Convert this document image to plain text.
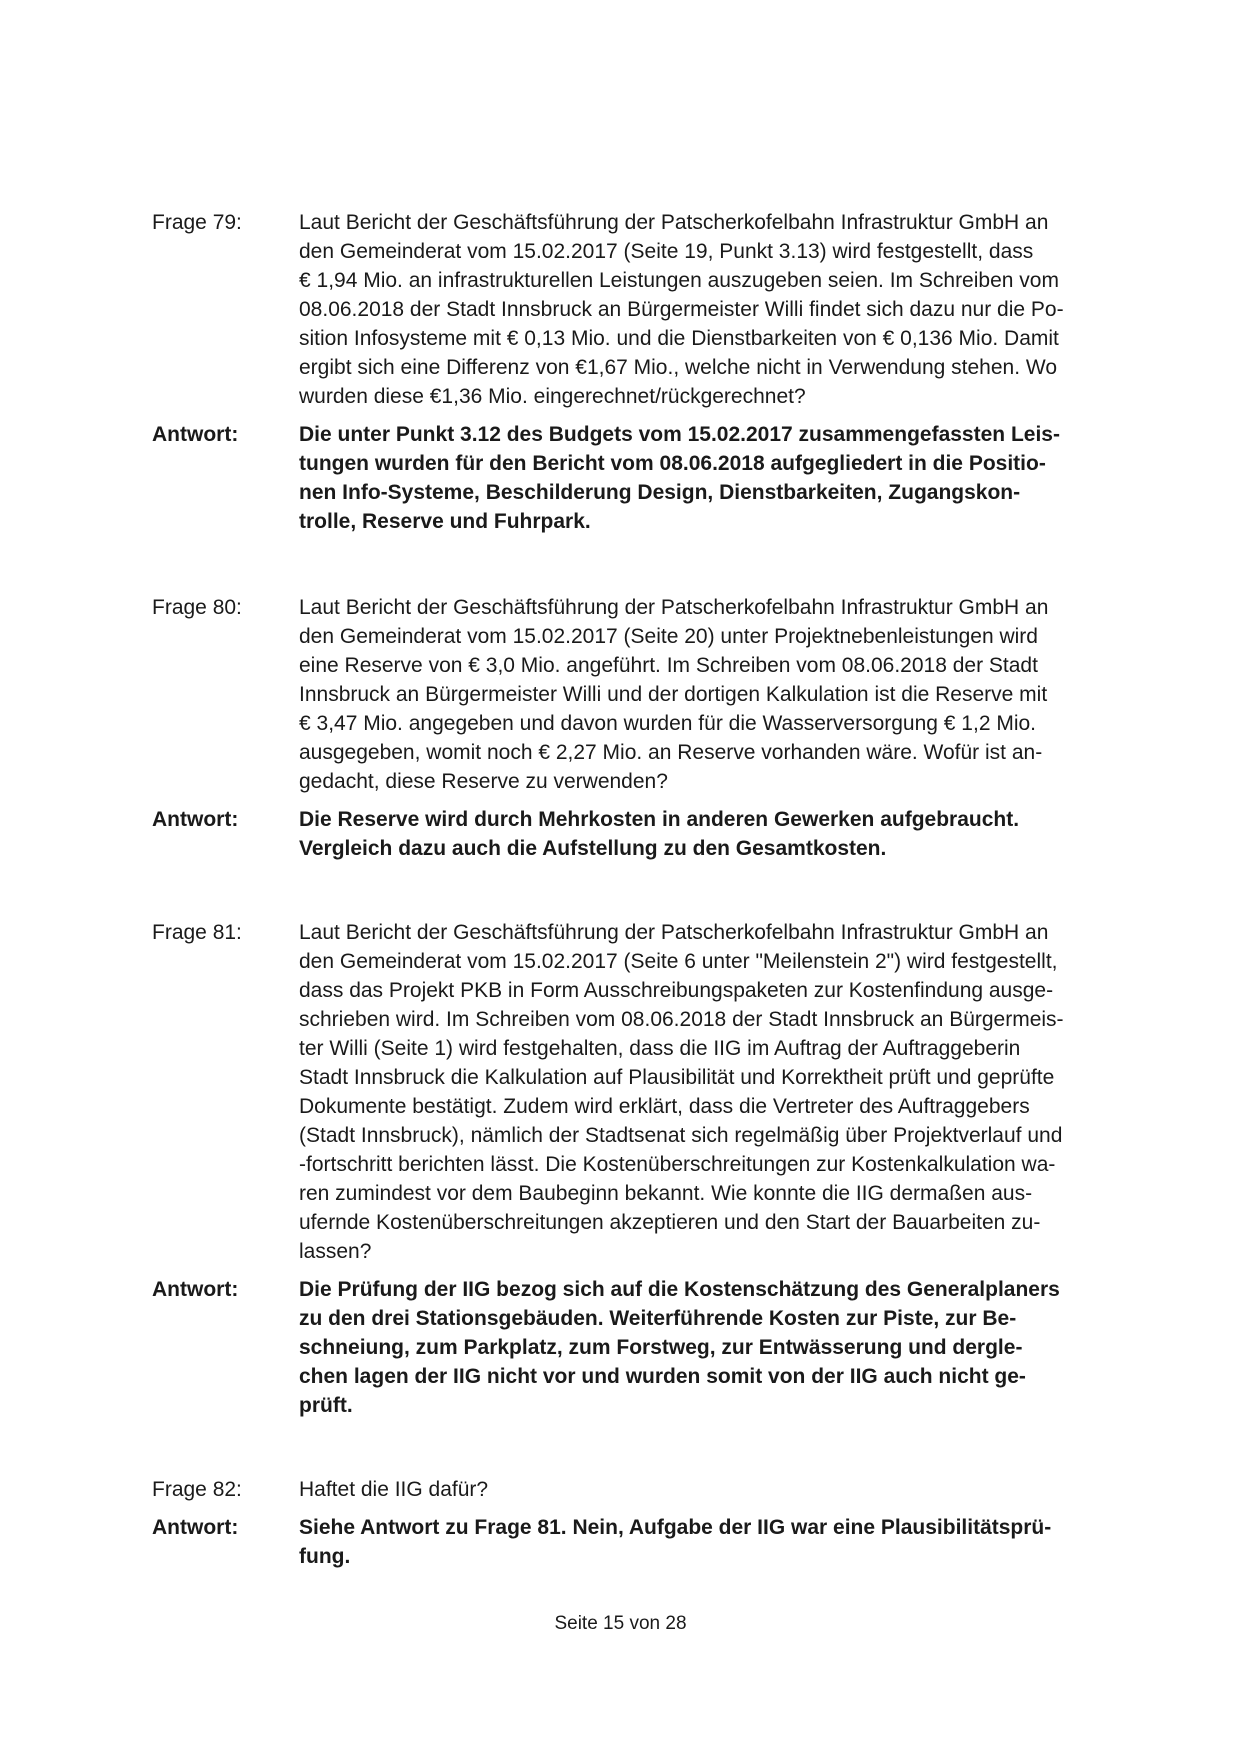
Frage 79:	Laut Bericht der Geschäftsführung der Patscherkofelbahn Infrastruktur GmbH an
den Gemeinderat vom 15.02.2017 (Seite 19, Punkt 3.13) wird festgestellt, dass
€ 1,94 Mio. an infrastrukturellen Leistungen auszugeben seien. Im Schreiben vom
08.06.2018 der Stadt Innsbruck an Bürgermeister Willi findet sich dazu nur die Po-
sition Infosysteme mit € 0,13 Mio. und die Dienstbarkeiten von € 0,136 Mio. Damit
ergibt sich eine Differenz von €1,67 Mio., welche nicht in Verwendung stehen. Wo
wurden diese €1,36 Mio. eingerechnet/rückgerechnet?
Antwort:	Die unter Punkt 3.12 des Budgets vom 15.02.2017 zusammengefassten Leis-
tungen wurden für den Bericht vom 08.06.2018 aufgegliedert in die Positio-
nen Info-Systeme, Beschilderung Design, Dienstbarkeiten, Zugangskon-
trolle, Reserve und Fuhrpark.
Frage 80:	Laut Bericht der Geschäftsführung der Patscherkofelbahn Infrastruktur GmbH an
den Gemeinderat vom 15.02.2017 (Seite 20) unter Projektnebenleistungen wird
eine Reserve von € 3,0 Mio. angeführt. Im Schreiben vom 08.06.2018 der Stadt
Innsbruck an Bürgermeister Willi und der dortigen Kalkulation ist die Reserve mit
€ 3,47 Mio. angegeben und davon wurden für die Wasserversorgung € 1,2 Mio.
ausgegeben, womit noch € 2,27 Mio. an Reserve vorhanden wäre. Wofür ist an-
gedacht, diese Reserve zu verwenden?
Antwort:	Die Reserve wird durch Mehrkosten in anderen Gewerken aufgebraucht.
Vergleich dazu auch die Aufstellung zu den Gesamtkosten.
Frage 81:	Laut Bericht der Geschäftsführung der Patscherkofelbahn Infrastruktur GmbH an
den Gemeinderat vom 15.02.2017 (Seite 6 unter "Meilenstein 2") wird festgestellt,
dass das Projekt PKB in Form Ausschreibungspaketen zur Kostenfindung ausge-
schrieben wird. Im Schreiben vom 08.06.2018 der Stadt Innsbruck an Bürgermeis-
ter Willi (Seite 1) wird festgehalten, dass die IIG im Auftrag der Auftraggeberin
Stadt Innsbruck die Kalkulation auf Plausibilität und Korrektheit prüft und geprüfte
Dokumente bestätigt. Zudem wird erklärt, dass die Vertreter des Auftraggebers
(Stadt Innsbruck), nämlich der Stadtsenat sich regelmäßig über Projektverlauf und
-fortschritt berichten lässt. Die Kostenüberschreitungen zur Kostenkalkulation wa-
ren zumindest vor dem Baubeginn bekannt. Wie konnte die IIG dermaßen aus-
ufernde Kostenüberschreitungen akzeptieren und den Start der Bauarbeiten zu-
lassen?
Antwort:	Die Prüfung der IIG bezog sich auf die Kostenschätzung des Generalplaners
zu den drei Stationsgebäuden. Weiterführende Kosten zur Piste, zur Be-
schneiung, zum Parkplatz, zum Forstweg, zur Entwässerung und dergle-
chen lagen der IIG nicht vor und wurden somit von der IIG auch nicht ge-
prüft.
Frage 82:	Haftet die IIG dafür?
Antwort:	Siehe Antwort zu Frage 81. Nein, Aufgabe der IIG war eine Plausibilitätsprü-
fung.
Seite 15 von 28
